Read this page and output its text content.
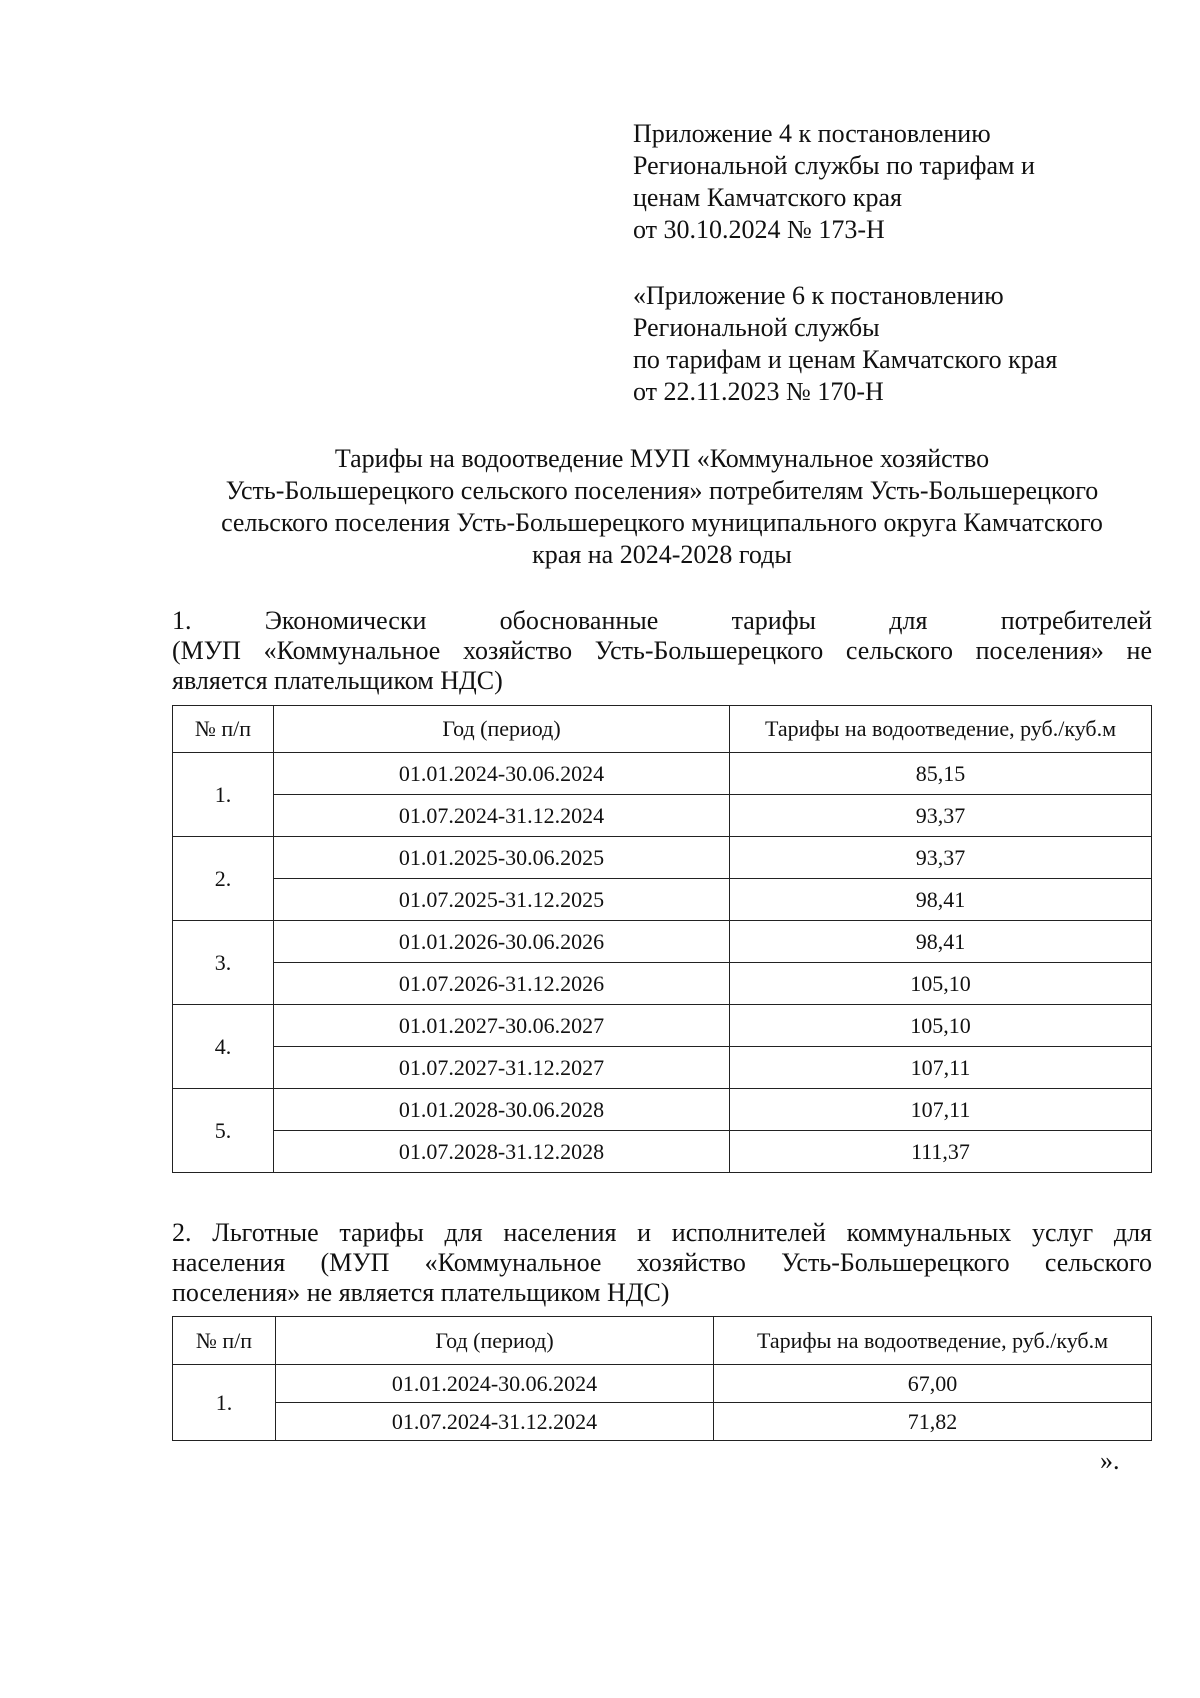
Приложение 4 к постановлению
Региональной службы по тарифам и
ценам Камчатского края
от 30.10.2024 № 173-Н
«Приложение 6 к постановлению
Региональной службы
по тарифам и ценам Камчатского края
от 22.11.2023 № 170-Н
Тарифы на водоотведение МУП «Коммунальное хозяйство
Усть-Большерецкого сельского поселения» потребителям Усть-Большерецкого
сельского поселения Усть-Большерецкого муниципального округа Камчатского
края на 2024-2028 годы
1. Экономически обоснованные тарифы для потребителей
(МУП «Коммунальное хозяйство Усть-Большерецкого сельского поселения» не
является плательщиком НДС)
№ п/п	Год (период)	Тарифы на водоотведение, руб./куб.м
1.	01.01.2024-30.06.2024	85,15
	01.07.2024-31.12.2024	93,37
2.	01.01.2025-30.06.2025	93,37
	01.07.2025-31.12.2025	98,41
3.	01.01.2026-30.06.2026	98,41
	01.07.2026-31.12.2026	105,10
4.	01.01.2027-30.06.2027	105,10
	01.07.2027-31.12.2027	107,11
5.	01.01.2028-30.06.2028	107,11
	01.07.2028-31.12.2028	111,37
2. Льготные тарифы для населения и исполнителей коммунальных услуг для
населения (МУП «Коммунальное хозяйство Усть-Большерецкого сельского
поселения» не является плательщиком НДС)
№ п/п	Год (период)	Тарифы на водоотведение, руб./куб.м
1.	01.01.2024-30.06.2024	67,00
	01.07.2024-31.12.2024	71,82
».
